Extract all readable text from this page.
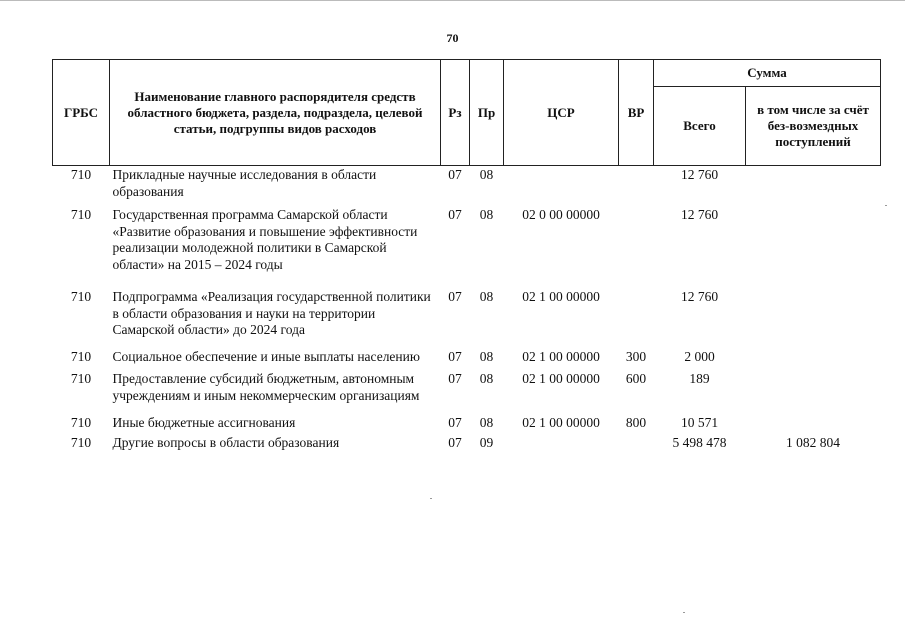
70
ГРБС	Наименование главного распорядителя средств областного бюджета, раздела, подраздела, целевой статьи, подгруппы видов расходов	Рз	Пр	ЦСР	ВР	Сумма	
						Всего	в том числе за счёт без-возмездных поступлений

710	Прикладные научные исследования в области образования	07	08			12 760	

710	Государственная программа Самарской области «Развитие образования и повышение эффективности реализации молодежной политики в Самарской области» на 2015 – 2024 годы	07	08	02 0 00 00000		12 760	

710	Подпрограмма «Реализация государственной политики в области образования и науки на территории Самарской области» до 2024 года	07	08	02 1 00 00000		12 760	

710	Социальное обеспечение и иные выплаты населению	07	08	02 1 00 00000	300	2 000	

710	Предоставление субсидий бюджетным, автономным учреждениям и иным некоммерческим организациям	07	08	02 1 00 00000	600	189	

710	Иные бюджетные ассигнования	07	08	02 1 00 00000	800	10 571	

710	Другие вопросы в области образования	07	09			5 498 478	1 082 804
